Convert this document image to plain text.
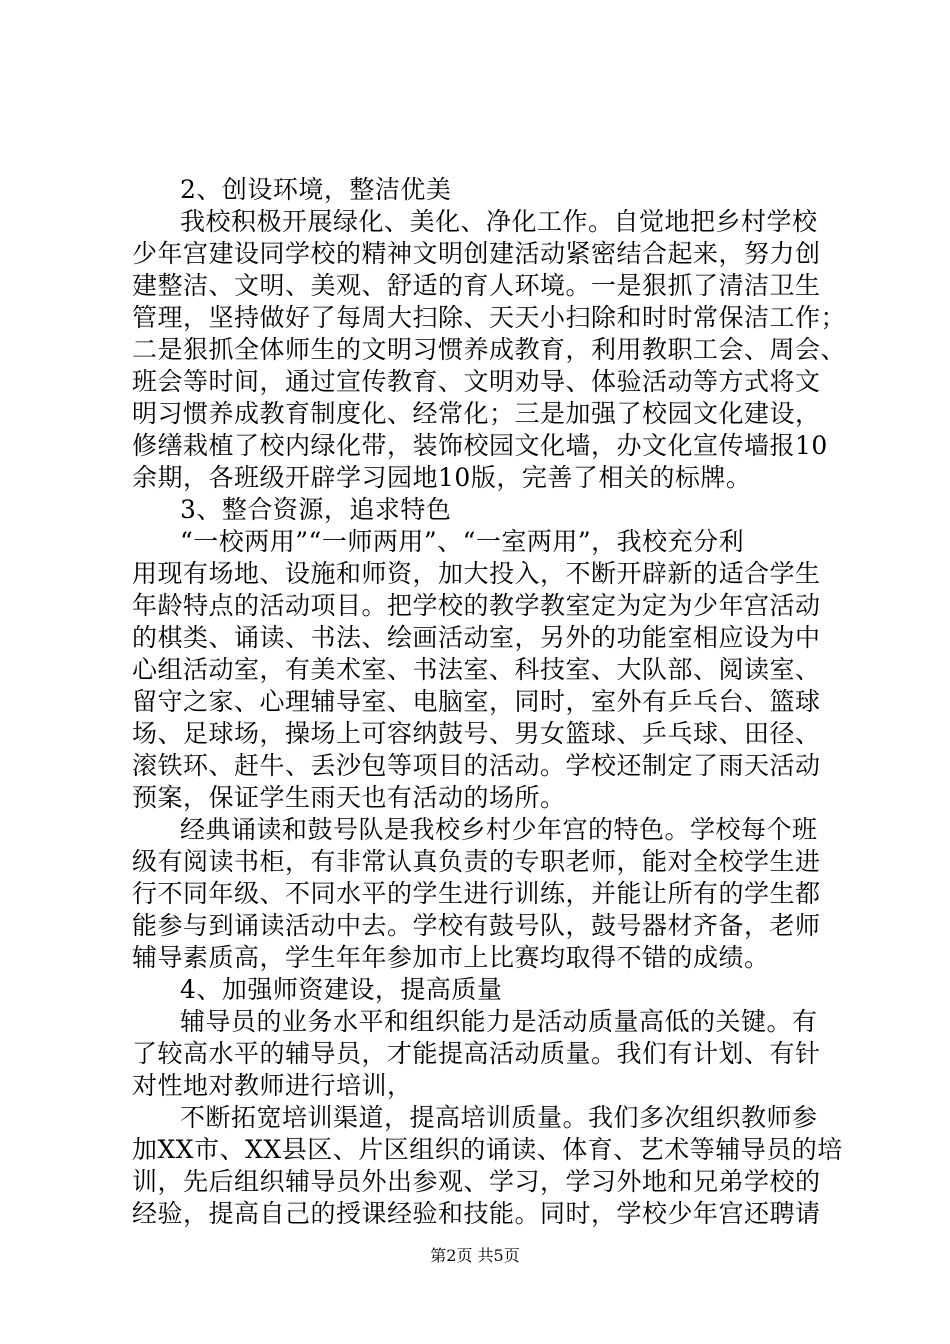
2、创设环境，整洁优美
我校积极开展绿化、美化、净化工作。自觉地把乡村学校
少年宫建设同学校的精神文明创建活动紧密结合起来，努力创
建整洁、文明、美观、舒适的育人环境。一是狠抓了清洁卫生
管理，坚持做好了每周大扫除、天天小扫除和时时常保洁工作；
二是狠抓全体师生的文明习惯养成教育，利用教职工会、周会、
班会等时间，通过宣传教育、文明劝导、体验活动等方式将文
明习惯养成教育制度化、经常化；三是加强了校园文化建设，
修缮栽植了校内绿化带，装饰校园文化墙，办文化宣传墙报10
余期，各班级开辟学习园地10版，完善了相关的标牌。
3、整合资源，追求特色
“一校两用”“一师两用”、“一室两用”，我校充分利
用现有场地、设施和师资，加大投入，不断开辟新的适合学生
年龄特点的活动项目。把学校的教学教室定为定为少年宫活动
的棋类、诵读、书法、绘画活动室，另外的功能室相应设为中
心组活动室，有美术室、书法室、科技室、大队部、阅读室、
留守之家、心理辅导室、电脑室，同时，室外有乒乓台、篮球
场、足球场，操场上可容纳鼓号、男女篮球、乒乓球、田径、
滚铁环、赶牛、丢沙包等项目的活动。学校还制定了雨天活动
预案，保证学生雨天也有活动的场所。
经典诵读和鼓号队是我校乡村少年宫的特色。学校每个班
级有阅读书柜，有非常认真负责的专职老师，能对全校学生进
行不同年级、不同水平的学生进行训练，并能让所有的学生都
能参与到诵读活动中去。学校有鼓号队，鼓号器材齐备，老师
辅导素质高，学生年年参加市上比赛均取得不错的成绩。
4、加强师资建设，提高质量
辅导员的业务水平和组织能力是活动质量高低的关键。有
了较高水平的辅导员，才能提高活动质量。我们有计划、有针
对性地对教师进行培训，
不断拓宽培训渠道，提高培训质量。我们多次组织教师参
加XX市、XX县区、片区组织的诵读、体育、艺术等辅导员的培
训，先后组织辅导员外出参观、学习，学习外地和兄弟学校的
经验，提高自己的授课经验和技能。同时，学校少年宫还聘请
第2页 共5页
